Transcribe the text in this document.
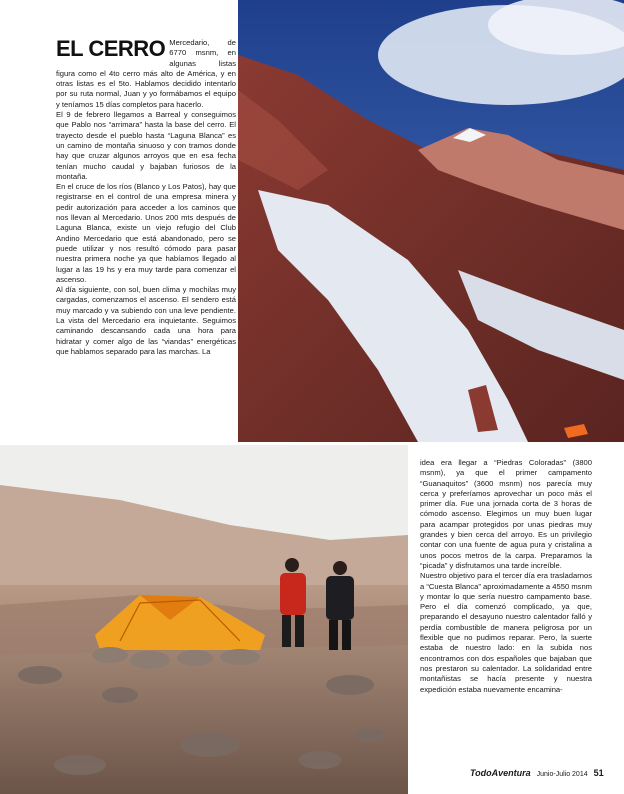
EL CERRO Mercedario, de 6770 msnm, en algunas listas figura como el 4to cerro más alto de América, y en otras listas es el 5to. Hablamos decidido intentarlo por su ruta normal, Juan y yo formábamos el equipo y teníamos 15 días completos para hacerlo.

El 9 de febrero llegamos a Barreal y conseguimos que Pablo nos “arrimara” hasta la base del cerro. El trayecto desde el pueblo hasta “Laguna Blanca” es un camino de montaña sinuoso y con tramos donde hay que cruzar algunos arroyos que en esa fecha tenían mucho caudal y bajaban furiosos de la montaña.

En el cruce de los ríos (Blanco y Los Patos), hay que registrarse en el control de una empresa minera y pedir autorización para acceder a los caminos que nos llevan al Mercedario. Unos 200 mts después de Laguna Blanca, existe un viejo refugio del Club Andino Mercedario que está abandonado, pero se puede utilizar y nos resultó cómodo para pasar nuestra primera noche ya que habíamos llegado al lugar a las 19 hs y era muy tarde para comenzar el ascenso.

Al día siguiente, con sol, buen clima y mochilas muy cargadas, comenzamos el ascenso. El sendero está muy marcado y va subiendo con una leve pendiente. La vista del Mercedario era inquietante. Seguimos caminando descansando cada una hora para hidratar y comer algo de las “viandas” energéticas que hablamos separado para las marchas. La

idea era llegar a “Piedras Coloradas” (3800 msnm), ya que el primer campamento “Guanaquitos” (3600 msnm) nos parecía muy cerca y preferíamos aprovechar un poco más el primer día. Fue una jornada corta de 3 horas de cómodo ascenso. Elegimos un muy buen lugar para acampar protegidos por unas piedras muy grandes y bien cerca del arroyo. Es un privilegio contar con una fuente de agua pura y cristalina a unos pocos metros de la carpa. Preparamos la “picada” y disfrutamos una tarde increíble.

Nuestro objetivo para el tercer día era trasladarnos a “Cuesta Blanca” aproximadamente a 4550 msnm y montar lo que sería nuestro campamento base. Pero el día comenzó complicado, ya que, preparando el desayuno nuestro calentador falló y perdía combustible de manera peligrosa por un flexible que no pudimos reparar. Pero, la suerte estaba de nuestro lado: en la subida nos encontramos con dos españoles que bajaban que nos prestaron su calentador. La solidaridad entre montañistas se hacía presente y nuestra expedición estaba nuevamente encamina-

TodoAventura Junio-Julio 2014 51
